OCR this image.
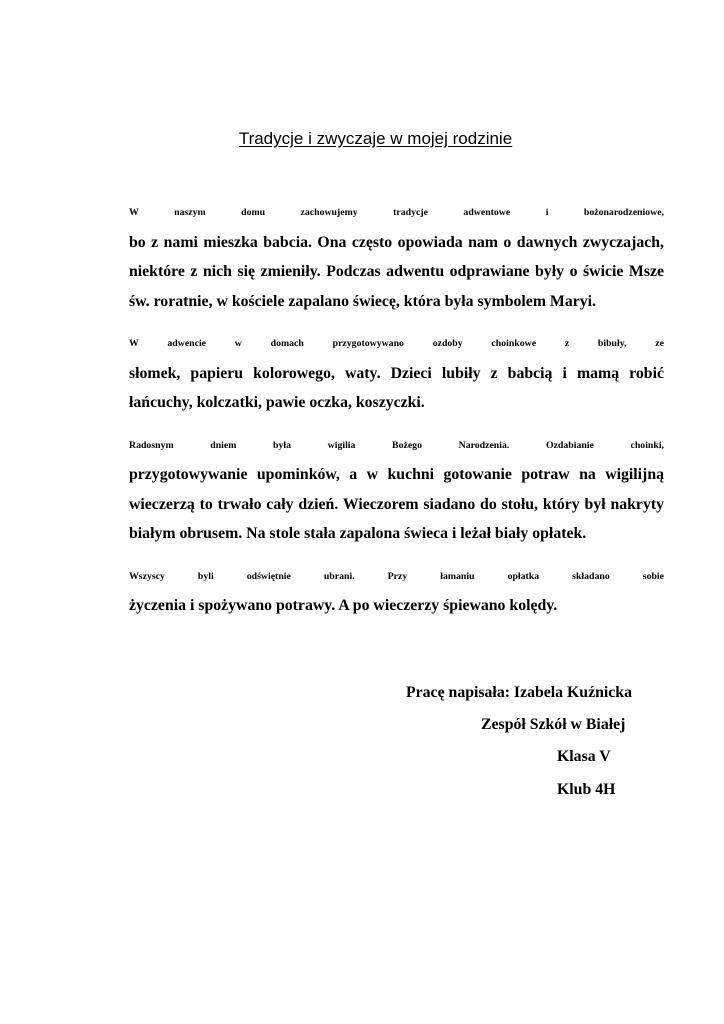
Tradycje i zwyczaje w mojej rodzinie

W naszym domu zachowujemy tradycje adwentowe i bożonarodzeniowe,
bo z nami mieszka babcia. Ona często opowiada nam o dawnych zwyczajach,
niektóre z nich się zmieniły. Podczas adwentu odprawiane były o świcie Msze
św. roratnie, w kościele zapalano świecę, która była symbolem Maryi.

W adwencie w domach przygotowywano ozdoby choinkowe z bibuły, ze
słomek, papieru kolorowego, waty. Dzieci lubiły z babcią i mamą robić
łańcuchy, kolczatki, pawie oczka, koszyczki.

Radosnym dniem była wigilia Bożego Narodzenia. Ozdabianie choinki,
przygotowywanie upominków, a w kuchni gotowanie potraw na wigilijną
wieczerzą to trwało cały dzień. Wieczorem siadano do stołu, który był nakryty
białym obrusem. Na stole stała zapalona świeca i leżał biały opłatek.

Wszyscy byli odświętnie ubrani. Przy łamaniu opłatka składano sobie
życzenia i spożywano potrawy. A po wieczerzy śpiewano kolędy.

Pracę napisała: Izabela Kuźnicka

Zespół Szkół w Białej

Klasa V

Klub 4H
